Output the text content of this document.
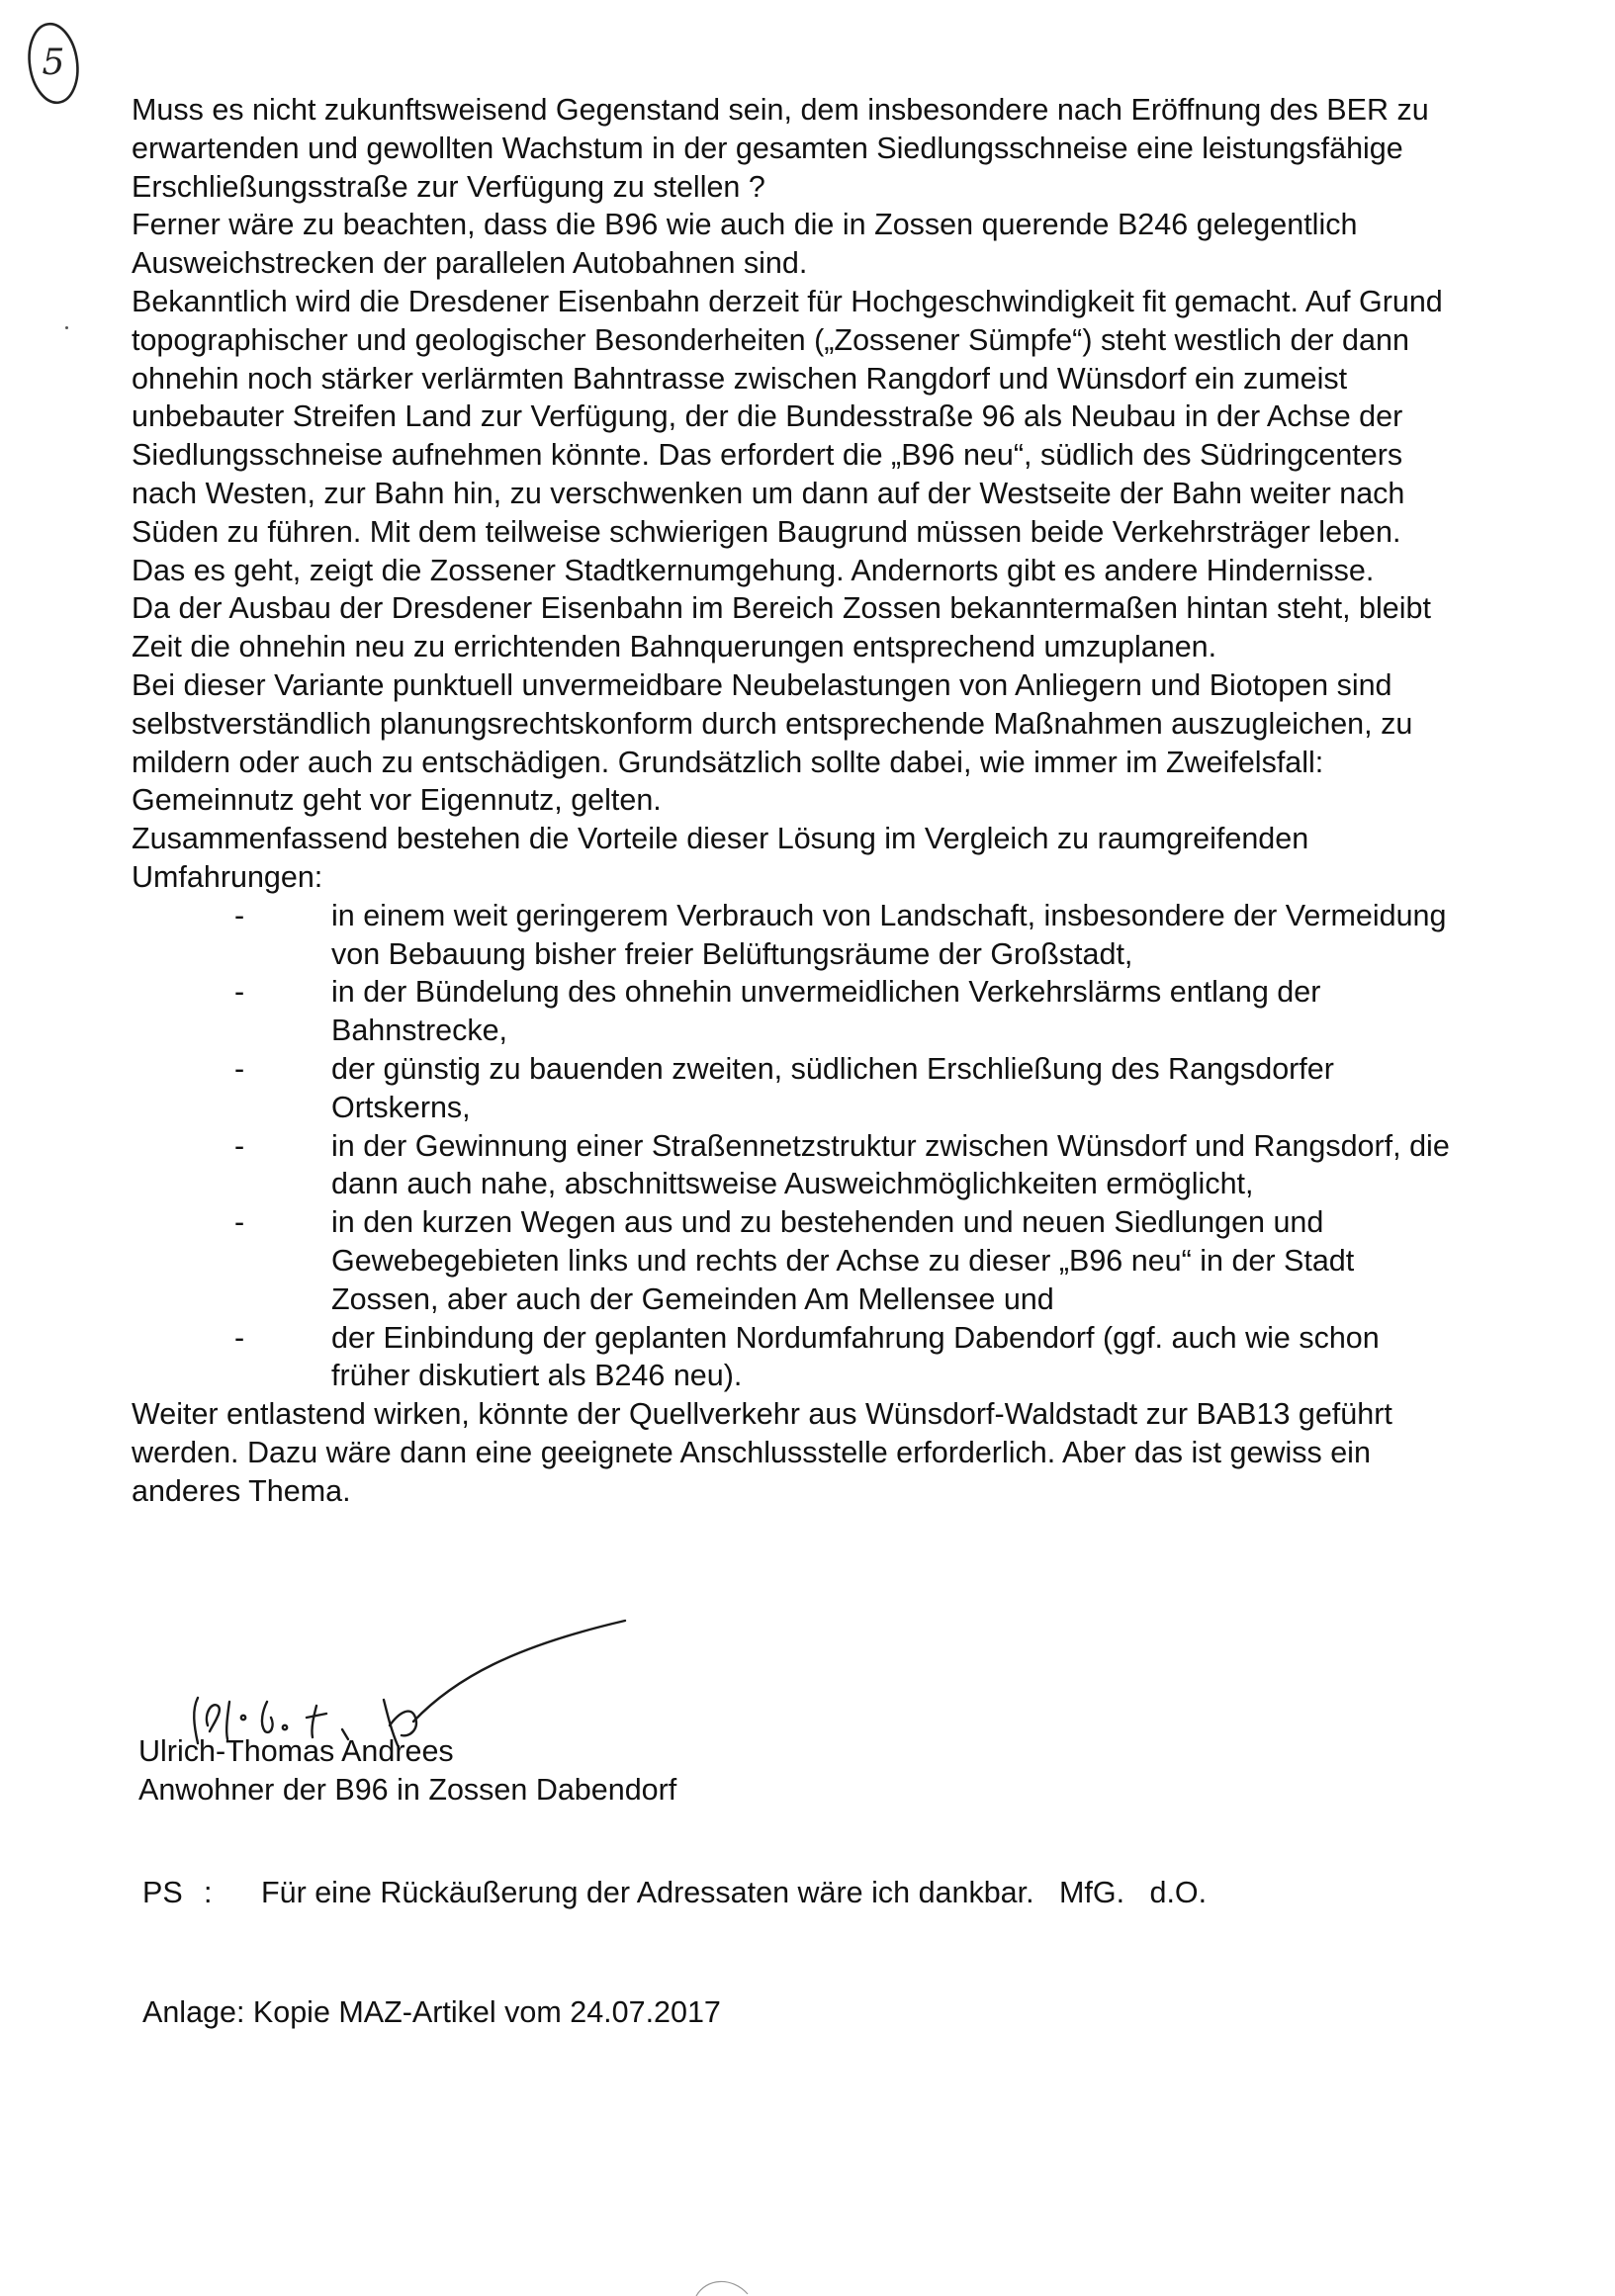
5

Muss es nicht zukunftsweisend Gegenstand sein, dem insbesondere nach Eröffnung des BER zu erwartenden und gewollten Wachstum in der gesamten Siedlungsschneise eine leistungsfähige Erschließungsstraße zur Verfügung zu stellen ?

Ferner wäre zu beachten, dass die B96 wie auch die in Zossen querende B246 gelegentlich Ausweichstrecken der parallelen Autobahnen sind.

Bekanntlich wird die Dresdener Eisenbahn derzeit für Hochgeschwindigkeit fit gemacht. Auf Grund topographischer und geologischer Besonderheiten („Zossener Sümpfe“) steht westlich der dann ohnehin noch stärker verlärmten Bahntrasse zwischen Rangdorf und Wünsdorf ein zumeist unbebauter Streifen Land zur Verfügung, der die Bundesstraße 96 als Neubau in der Achse der Siedlungsschneise aufnehmen könnte. Das erfordert die „B96 neu“, südlich des Südringcenters nach Westen, zur Bahn hin, zu verschwenken um dann auf der Westseite der Bahn weiter nach Süden zu führen. Mit dem teilweise schwierigen Baugrund müssen beide Verkehrsträger leben. Das es geht, zeigt die Zossener Stadtkernumgehung. Andernorts gibt es andere Hindernisse.

Da der Ausbau der Dresdener Eisenbahn im Bereich Zossen bekanntermaßen hintan steht, bleibt Zeit die ohnehin neu zu errichtenden Bahnquerungen entsprechend umzuplanen.

Bei dieser Variante punktuell unvermeidbare Neubelastungen von Anliegern und Biotopen sind selbstverständlich planungsrechtskonform durch entsprechende Maßnahmen auszugleichen, zu mildern oder auch zu entschädigen. Grundsätzlich sollte dabei, wie immer im Zweifelsfall: Gemeinnutz geht vor Eigennutz, gelten.

Zusammenfassend bestehen die Vorteile dieser Lösung im Vergleich zu raumgreifenden Umfahrungen:

-	in einem weit geringerem Verbrauch von Landschaft, insbesondere der Vermeidung von Bebauung bisher freier Belüftungsräume der Großstadt,
-	in der Bündelung des ohnehin unvermeidlichen Verkehrslärms entlang der Bahnstrecke,
-	der günstig zu bauenden zweiten, südlichen Erschließung des Rangsdorfer Ortskerns,
-	in der Gewinnung einer Straßennetzstruktur zwischen Wünsdorf und Rangsdorf, die dann auch nahe, abschnittsweise Ausweichmöglichkeiten ermöglicht,
-	in den kurzen Wegen aus und zu bestehenden und neuen Siedlungen und Gewebegebieten links und rechts der Achse zu dieser „B96 neu“ in der Stadt Zossen, aber auch der Gemeinden Am Mellensee und
-	der Einbindung der geplanten Nordumfahrung Dabendorf (ggf. auch wie schon früher diskutiert als B246 neu).

Weiter entlastend wirken, könnte der Quellverkehr aus Wünsdorf-Waldstadt zur BAB13 geführt werden. Dazu wäre dann eine geeignete Anschlussstelle erforderlich. Aber das ist gewiss ein anderes Thema.

Ulrich-Thomas Andrees
Anwohner der B96 in Zossen Dabendorf
PS : Für eine Rückäußerung der Adressaten wäre ich dankbar. MfG.   d.O.
Anlage: Kopie MAZ-Artikel vom 24.07.2017
